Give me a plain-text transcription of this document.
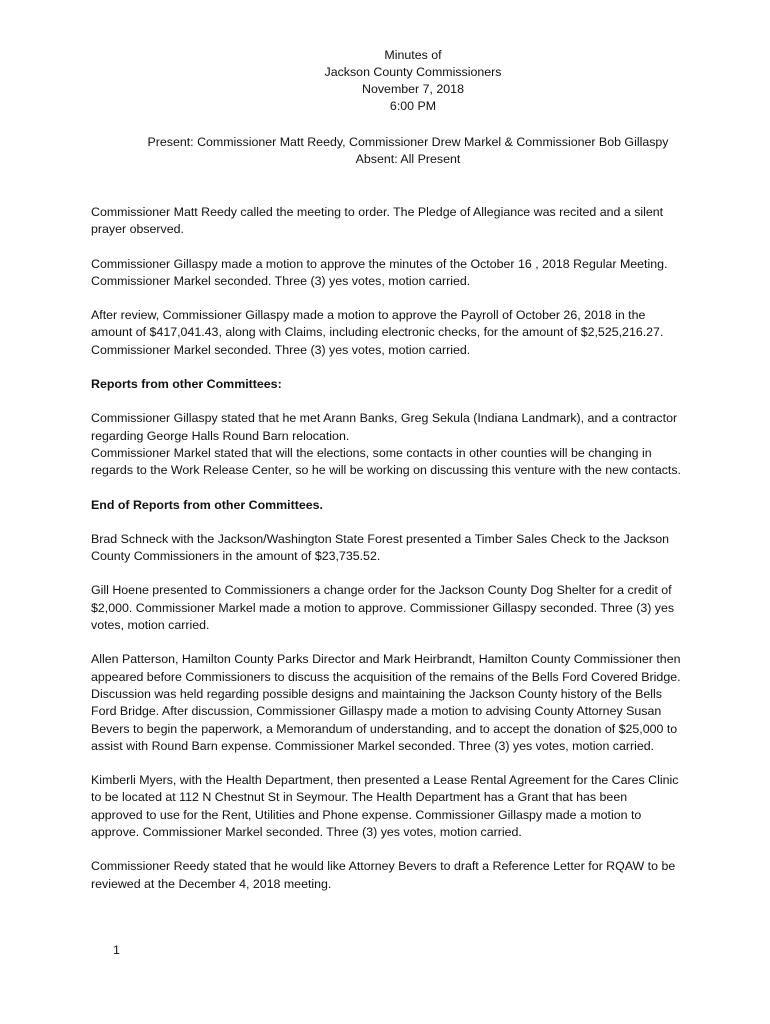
Minutes of
Jackson County Commissioners
November 7, 2018
6:00 PM
Present: Commissioner Matt Reedy, Commissioner Drew Markel & Commissioner Bob Gillaspy
Absent: All Present

Commissioner Matt Reedy called the meeting to order. The Pledge of Allegiance was recited and a silent prayer observed.

Commissioner Gillaspy made a motion to approve the minutes of the October 16 , 2018 Regular Meeting. Commissioner Markel seconded. Three (3) yes votes, motion carried.

After review, Commissioner Gillaspy made a motion to approve the Payroll of October 26, 2018 in the amount of $417,041.43, along with Claims, including electronic checks, for the amount of $2,525,216.27. Commissioner Markel seconded. Three (3) yes votes, motion carried.

Reports from other Committees:

Commissioner Gillaspy stated that he met Arann Banks, Greg Sekula (Indiana Landmark), and a contractor regarding George Halls Round Barn relocation.

Commissioner Markel stated that will the elections, some contacts in other counties will be changing in regards to the Work Release Center, so he will be working on discussing this venture with the new contacts.

End of Reports from other Committees.

Brad Schneck with the Jackson/Washington State Forest presented a Timber Sales Check to the Jackson County Commissioners in the amount of $23,735.52.

Gill Hoene presented to Commissioners a change order for the Jackson County Dog Shelter for a credit of $2,000. Commissioner Markel made a motion to approve. Commissioner Gillaspy seconded. Three (3) yes votes, motion carried.

Allen Patterson, Hamilton County Parks Director and Mark Heirbrandt, Hamilton County Commissioner then appeared before Commissioners to discuss the acquisition of the remains of the Bells Ford Covered Bridge. Discussion was held regarding possible designs and maintaining the Jackson County history of the Bells Ford Bridge. After discussion, Commissioner Gillaspy made a motion to advising County Attorney Susan Bevers to begin the paperwork, a Memorandum of understanding, and to accept the donation of $25,000 to assist with Round Barn expense. Commissioner Markel seconded. Three (3) yes votes, motion carried.

Kimberli Myers, with the Health Department, then presented a Lease Rental Agreement for the Cares Clinic to be located at 112 N Chestnut St in Seymour. The Health Department has a Grant that has been approved to use for the Rent, Utilities and Phone expense. Commissioner Gillaspy made a motion to approve. Commissioner Markel seconded. Three (3) yes votes, motion carried.

Commissioner Reedy stated that he would like Attorney Bevers to draft a Reference Letter for RQAW to be reviewed at the December 4, 2018 meeting.

1
